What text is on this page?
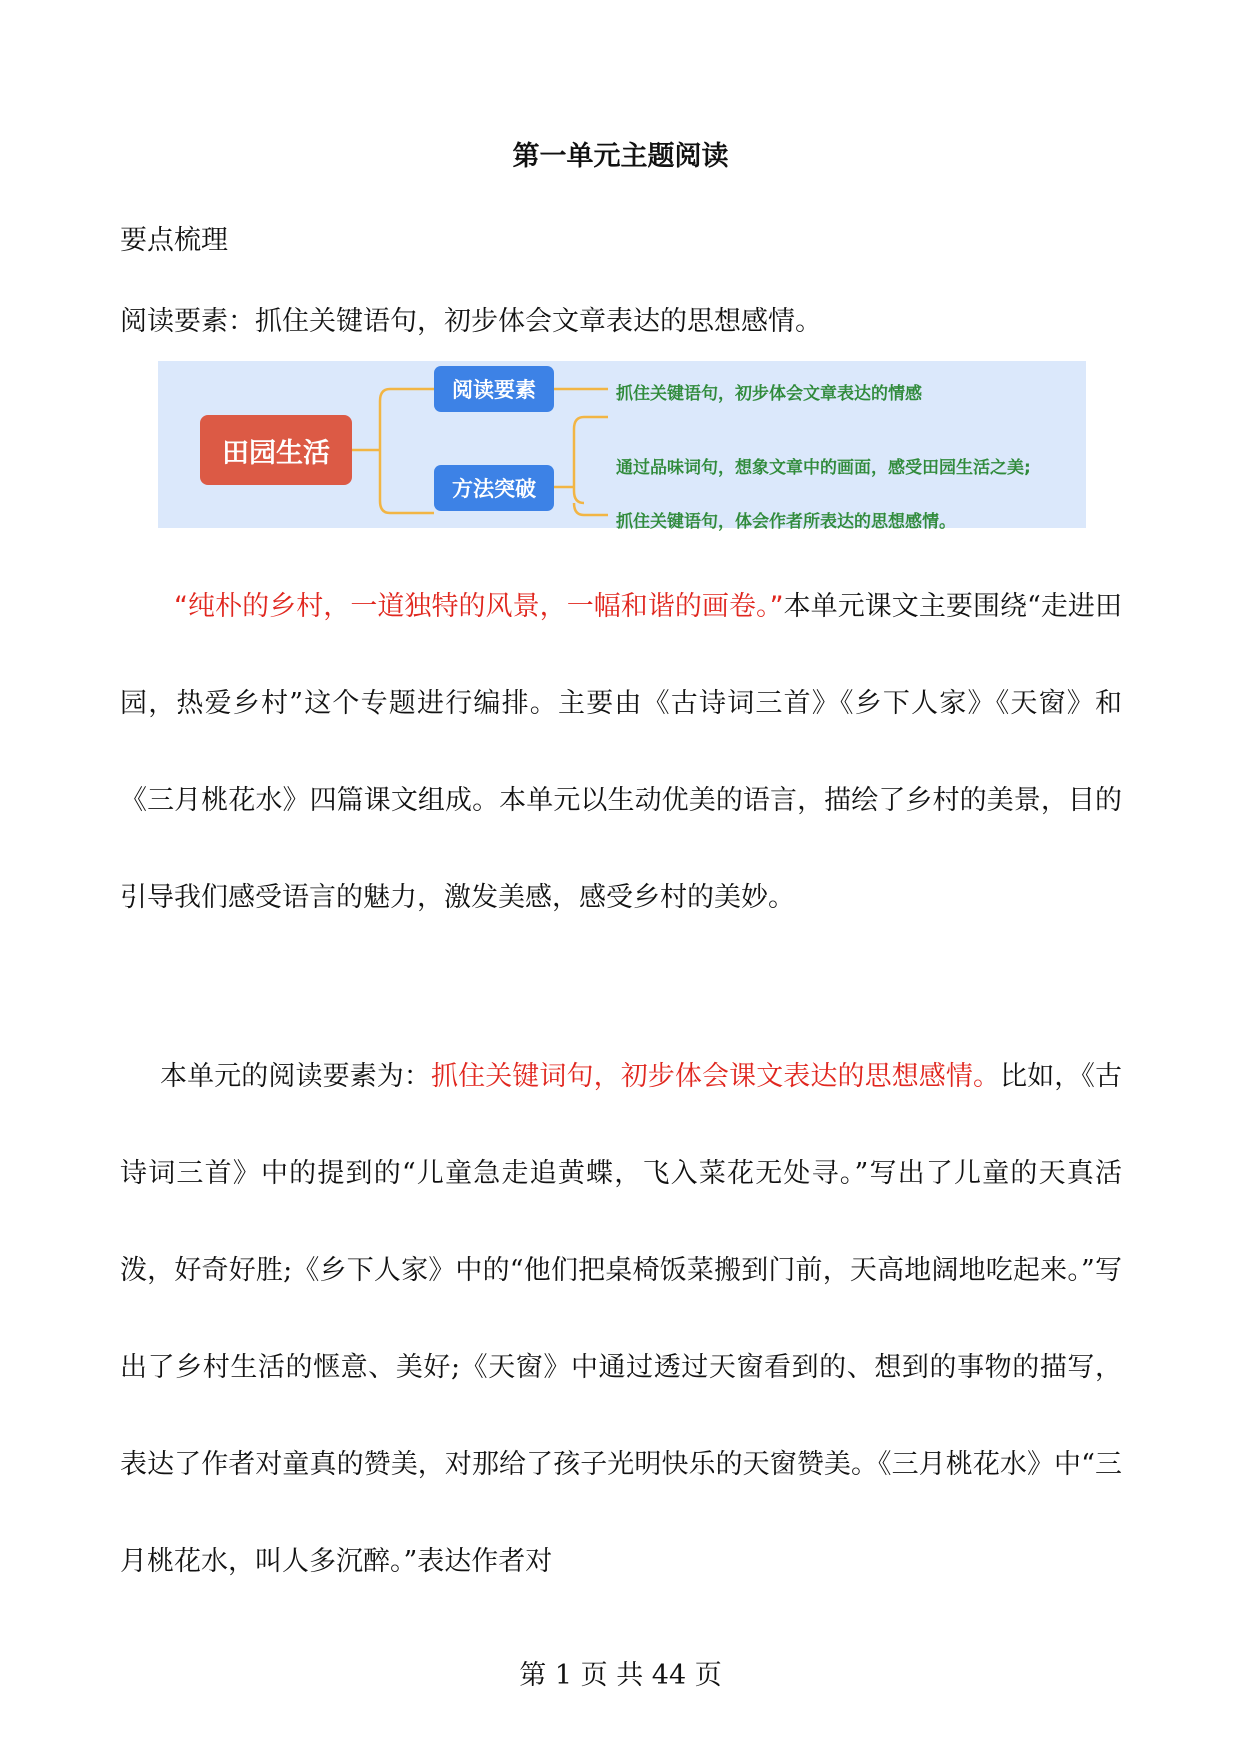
第一单元主题阅读
要点梳理
阅读要素：抓住关键语句，初步体会文章表达的思想感情。
田园生活
阅读要素
方法突破
抓住关键语句，初步体会文章表达的情感
通过品味词句，想象文章中的画面，感受田园生活之美;
抓住关键语句，体会作者所表达的思想感情。
“纯朴的乡村，一道独特的风景，一幅和谐的画卷。”本单元课文主要围绕“走进田园，热爱乡村”这个专题进行编排。主要由《古诗词三首》《乡下人家》《天窗》和《三月桃花水》四篇课文组成。本单元以生动优美的语言，描绘了乡村的美景，目的引导我们感受语言的魅力，激发美感，感受乡村的美妙。
本单元的阅读要素为：抓住关键词句，初步体会课文表达的思想感情。比如，《古诗词三首》中的提到的“儿童急走追黄蝶，飞入菜花无处寻。”写出了儿童的天真活泼，好奇好胜;《乡下人家》中的“他们把桌椅饭菜搬到门前，天高地阔地吃起来。”写出了乡村生活的惬意、美好;《天窗》中通过透过天窗看到的、想到的事物的描写，表达了作者对童真的赞美，对那给了孩子光明快乐的天窗赞美。《三月桃花水》中“三月桃花水，叫人多沉醉。”表达作者对
第 1 页 共 44 页
